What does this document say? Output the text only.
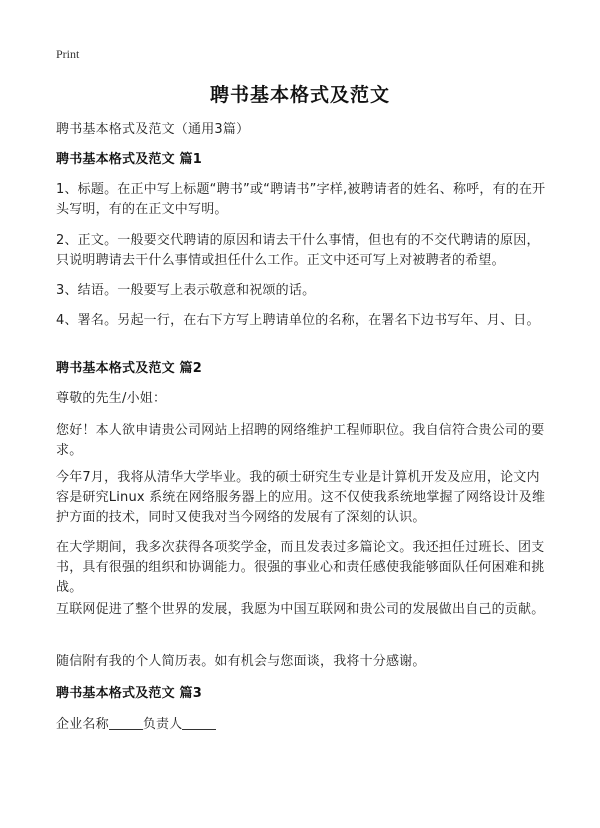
Print
聘书基本格式及范文
聘书基本格式及范文（通用3篇）
聘书基本格式及范文 篇1
1、标题。在正中写上标题“聘书”或“聘请书”字样,被聘请者的姓名、称呼，有的在开头写明，有的在正文中写明。
2、正文。一般要交代聘请的原因和请去干什么事情，但也有的不交代聘请的原因，只说明聘请去干什么事情或担任什么工作。正文中还可写上对被聘者的希望。
3、结语。一般要写上表示敬意和祝颂的话。
4、署名。另起一行，在右下方写上聘请单位的名称，在署名下边书写年、月、日。
聘书基本格式及范文 篇2
尊敬的先生/小姐：
您好！本人欲申请贵公司网站上招聘的网络维护工程师职位。我自信符合贵公司的要求。
今年7月，我将从清华大学毕业。我的硕士研究生专业是计算机开发及应用，论文内容是研究Linux 系统在网络服务器上的应用。这不仅使我系统地掌握了网络设计及维护方面的技术，同时又使我对当今网络的发展有了深刻的认识。
在大学期间，我多次获得各项奖学金，而且发表过多篇论文。我还担任过班长、团支书，具有很强的组织和协调能力。很强的事业心和责任感使我能够面队任何困难和挑战。
互联网促进了整个世界的发展，我愿为中国互联网和贵公司的发展做出自己的贡献。
随信附有我的个人简历表。如有机会与您面谈，我将十分感谢。
聘书基本格式及范文 篇3
企业名称	负责人
